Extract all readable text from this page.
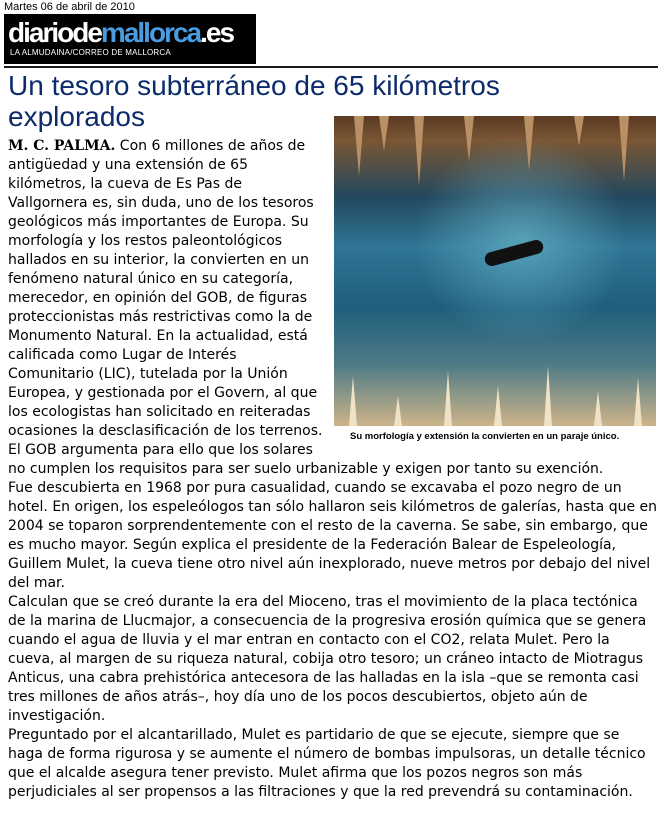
Martes 06 de abril de 2010
diariodemallorca.es
LA ALMUDAINA/CORREO DE MALLORCA
Un tesoro subterráneo de 65 kilómetros explorados
Su morfología y extensión la convierten en un paraje único.

M. C. PALMA. Con 6 millones de años de antigüedad y una extensión de 65 kilómetros, la cueva de Es Pas de Vallgornera es, sin duda, uno de los tesoros geológicos más importantes de Europa. Su morfología y los restos paleontológicos hallados en su interior, la convierten en un fenómeno natural único en su categoría, merecedor, en opinión del GOB, de figuras proteccionistas más restrictivas como la de Monumento Natural. En la actualidad, está calificada como Lugar de Interés Comunitario (LIC), tutelada por la Unión Europea, y gestionada por el Govern, al que los ecologistas han solicitado en reiteradas ocasiones la desclasificación de los terrenos. El GOB argumenta para ello que los solares no cumplen los requisitos para ser suelo urbanizable y exigen por tanto su exención.

Fue descubierta en 1968 por pura casualidad, cuando se excavaba el pozo negro de un hotel. En origen, los espeleólogos tan sólo hallaron seis kilómetros de galerías, hasta que en 2004 se toparon sorprendentemente con el resto de la caverna. Se sabe, sin embargo, que es mucho mayor. Según explica el presidente de la Federación Balear de Espeleología, Guillem Mulet, la cueva tiene otro nivel aún inexplorado, nueve metros por debajo del nivel del mar.

Calculan que se creó durante la era del Mioceno, tras el movimiento de la placa tectónica de la marina de Llucmajor, a consecuencia de la progresiva erosión química que se genera cuando el agua de lluvia y el mar entran en contacto con el CO2, relata Mulet. Pero la cueva, al margen de su riqueza natural, cobija otro tesoro; un cráneo intacto de Miotragus Anticus, una cabra prehistórica antecesora de las halladas en la isla –que se remonta casi tres millones de años atrás–, hoy día uno de los pocos descubiertos, objeto aún de investigación.

Preguntado por el alcantarillado, Mulet es partidario de que se ejecute, siempre que se haga de forma rigurosa y se aumente el número de bombas impulsoras, un detalle técnico que el alcalde asegura tener previsto. Mulet afirma que los pozos negros son más perjudiciales al ser propensos a las filtraciones y que la red prevendrá su contaminación.
